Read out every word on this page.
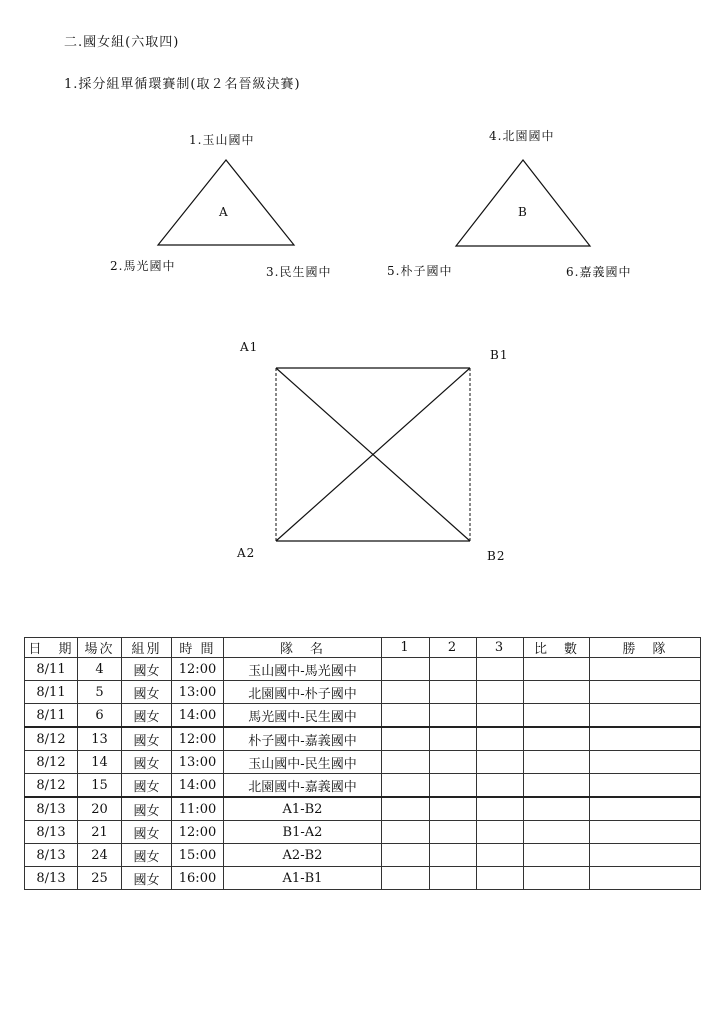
二.國女組(六取四)
1.採分組單循環賽制(取２名晉級決賽)
1.玉山國中
A
2.馬光國中	3.民生國中
4.北園國中
B
5.朴子國中	6.嘉義國中
A1
B1
A2	B2
日　期	場次	組別	時 間	隊　名	1	2	3	比　數	勝　隊
8/11	4	國女	12:00	玉山國中-馬光國中					
8/11	5	國女	13:00	北園國中-朴子國中					
8/11	6	國女	14:00	馬光國中-民生國中					
8/12	13	國女	12:00	朴子國中-嘉義國中					
8/12	14	國女	13:00	玉山國中-民生國中					
8/12	15	國女	14:00	北園國中-嘉義國中					
8/13	20	國女	11:00	A1-B2					
8/13	21	國女	12:00	B1-A2					
8/13	24	國女	15:00	A2-B2					
8/13	25	國女	16:00	A1-B1					
